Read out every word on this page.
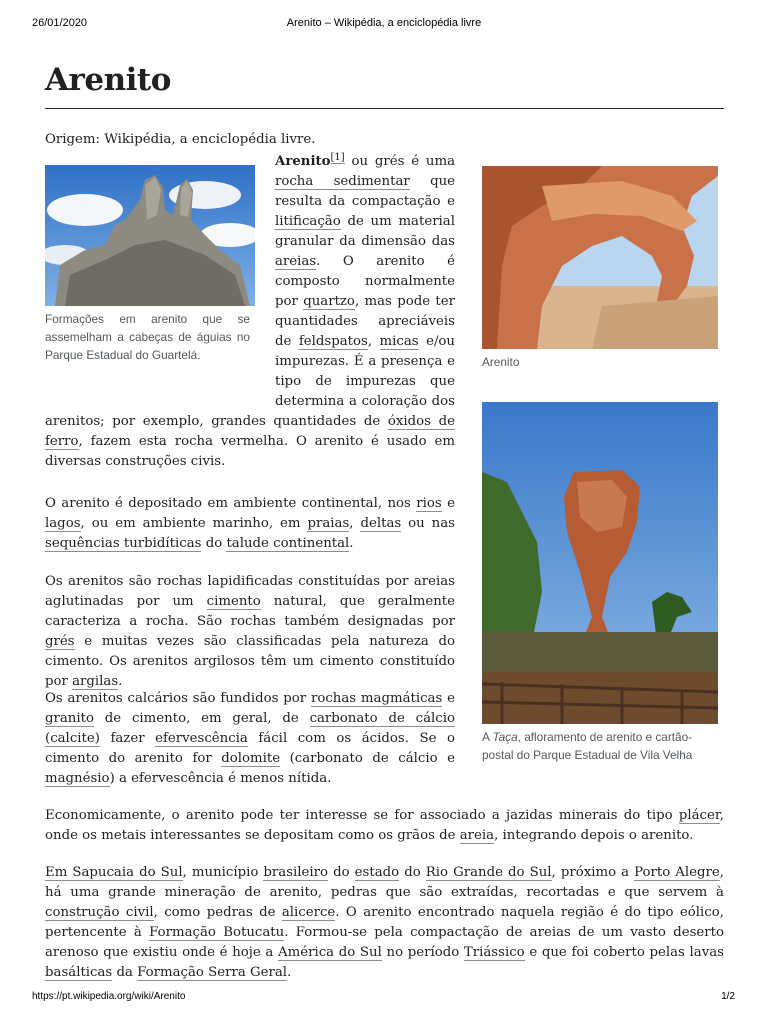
26/01/2020	Arenito – Wikipédia, a enciclopédia livre
Arenito
Origem: Wikipédia, a enciclopédia livre.
Formações em arenito que se assemelham a cabeças de águias no Parque Estadual do Guartelá.
Arenito[1] ou grés é uma rocha sedimentar que resulta da compactação e litificação de um material granular da dimensão das areias. O arenito é composto normalmente por quartzo, mas pode ter quantidades apreciáveis de feldspatos, micas e/ou impurezas. É a presença e tipo de impurezas que determina a coloração dos arenitos; por exemplo, grandes quantidades de óxidos de ferro, fazem esta rocha vermelha. O arenito é usado em diversas construções civis.
O arenito é depositado em ambiente continental, nos rios e lagos, ou em ambiente marinho, em praias, deltas ou nas sequências turbidíticas do talude continental.
Os arenitos são rochas lapidificadas constituídas por areias aglutinadas por um cimento natural, que geralmente caracteriza a rocha. São rochas também designadas por grés e muitas vezes são classificadas pela natureza do cimento. Os arenitos argilosos têm um cimento constituído por argilas.
Os arenitos calcários são fundidos por rochas magmáticas e granito de cimento, em geral, de carbonato de cálcio (calcite) fazer efervescência fácil com os ácidos. Se o cimento do arenito for dolomite (carbonato de cálcio e magnésio) a efervescência é menos nítida.
Economicamente, o arenito pode ter interesse se for associado a jazidas minerais do tipo plácer, onde os metais interessantes se depositam como os grãos de areia, integrando depois o arenito.
Em Sapucaia do Sul, município brasileiro do estado do Rio Grande do Sul, próximo a Porto Alegre, há uma grande mineração de arenito, pedras que são extraídas, recortadas e que servem à construção civil, como pedras de alicerce. O arenito encontrado naquela região é do tipo eólico, pertencente à Formação Botucatu. Formou-se pela compactação de areias de um vasto deserto arenoso que existiu onde é hoje a América do Sul no período Triássico e que foi coberto pelas lavas basálticas da Formação Serra Geral.
Arenito
A Taça, afloramento de arenito e cartão-postal do Parque Estadual de Vila Velha
https://pt.wikipedia.org/wiki/Arenito	1/2
